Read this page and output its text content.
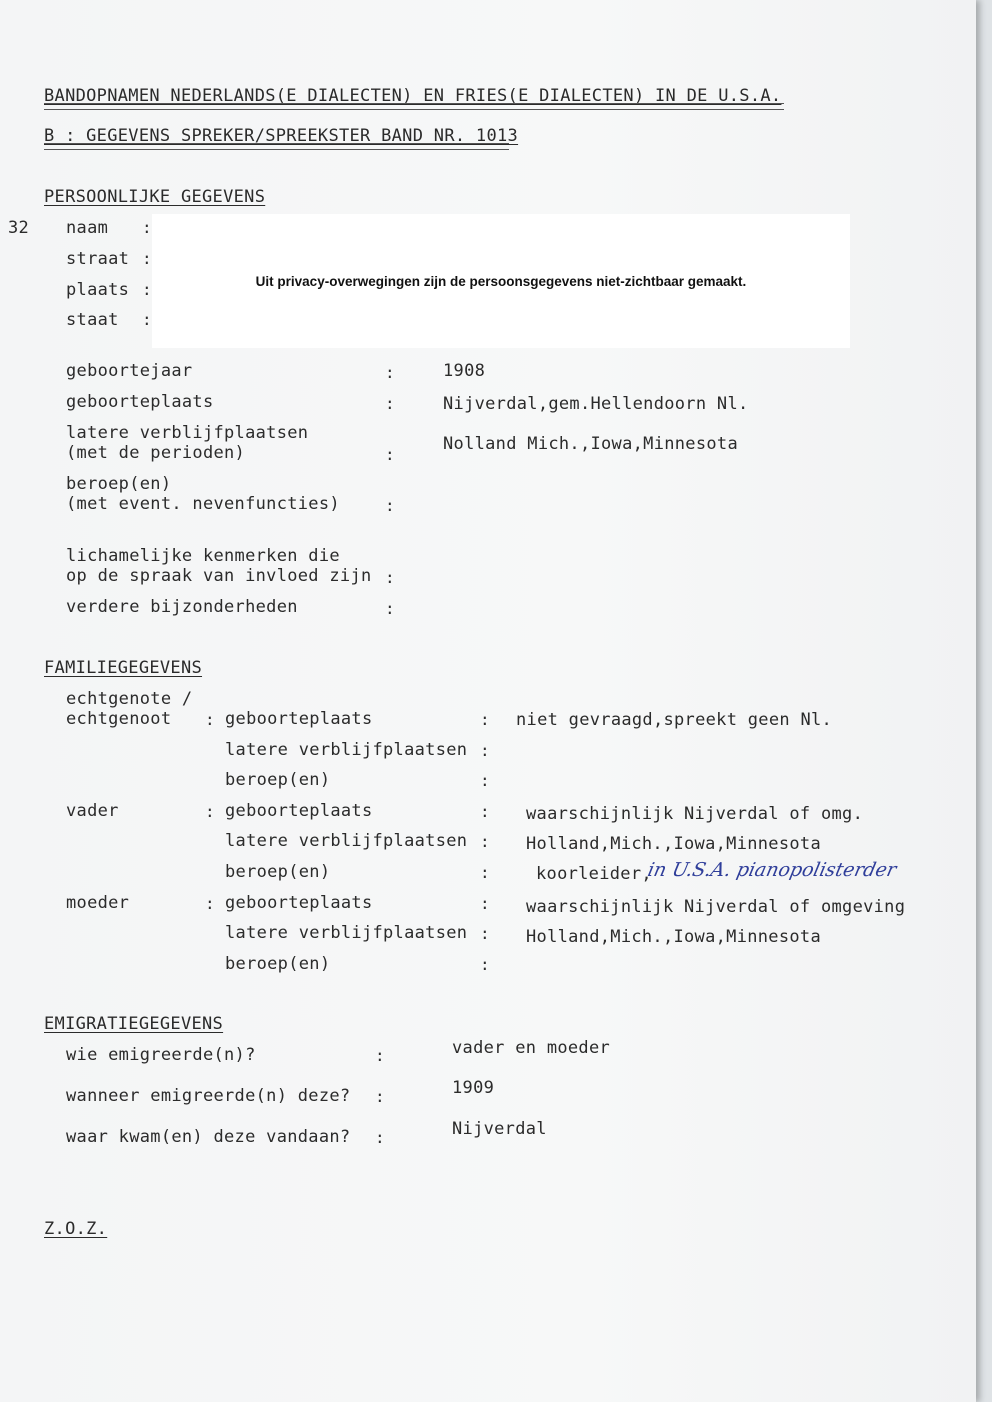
BANDOPNAMEN NEDERLANDS(E DIALECTEN) EN FRIES(E DIALECTEN) IN DE U.S.A.
B : GEGEVENS SPREKER/SPREEKSTER BAND NR. 1013
PERSOONLIJKE GEGEVENS
32 naam :
straat :
plaats :
staat :
Uit privacy-overwegingen zijn de persoonsgegevens niet-zichtbaar gemaakt.
geboortejaar	:	1908
geboorteplaats	:	Nijverdal,gem.Hellendoorn Nl.
latere verblijfplaatsen
(met de perioden)	:
Nolland Mich.,Iowa,Minnesota
beroep(en)
(met event. nevenfuncties)	:
lichamelijke kenmerken die
op de spraak van invloed zijn :
verdere bijzonderheden	:
FAMILIEGEGEVENS
echtgenote /
echtgenoot	: geboorteplaats	: niet gevraagd,spreekt geen Nl.
latere verblijfplaatsen :
beroep(en)	:
vader	: geboorteplaats	: waarschijnlijk Nijverdal of omg.
latere verblijfplaatsen : Holland,Mich.,Iowa,Minnesota
beroep(en)	:	koorleider,
in U.S.A. pianopolisterder
moeder	: geboorteplaats	: waarschijnlijk Nijverdal of omgeving
latere verblijfplaatsen : Holland,Mich.,Iowa,Minnesota
beroep(en)	:
EMIGRATIEGEGEVENS
wie emigreerde(n)?	:	vader en moeder
wanneer emigreerde(n) deze? :	1909
waar kwam(en) deze vandaan? :	Nijverdal
Z.O.Z.
